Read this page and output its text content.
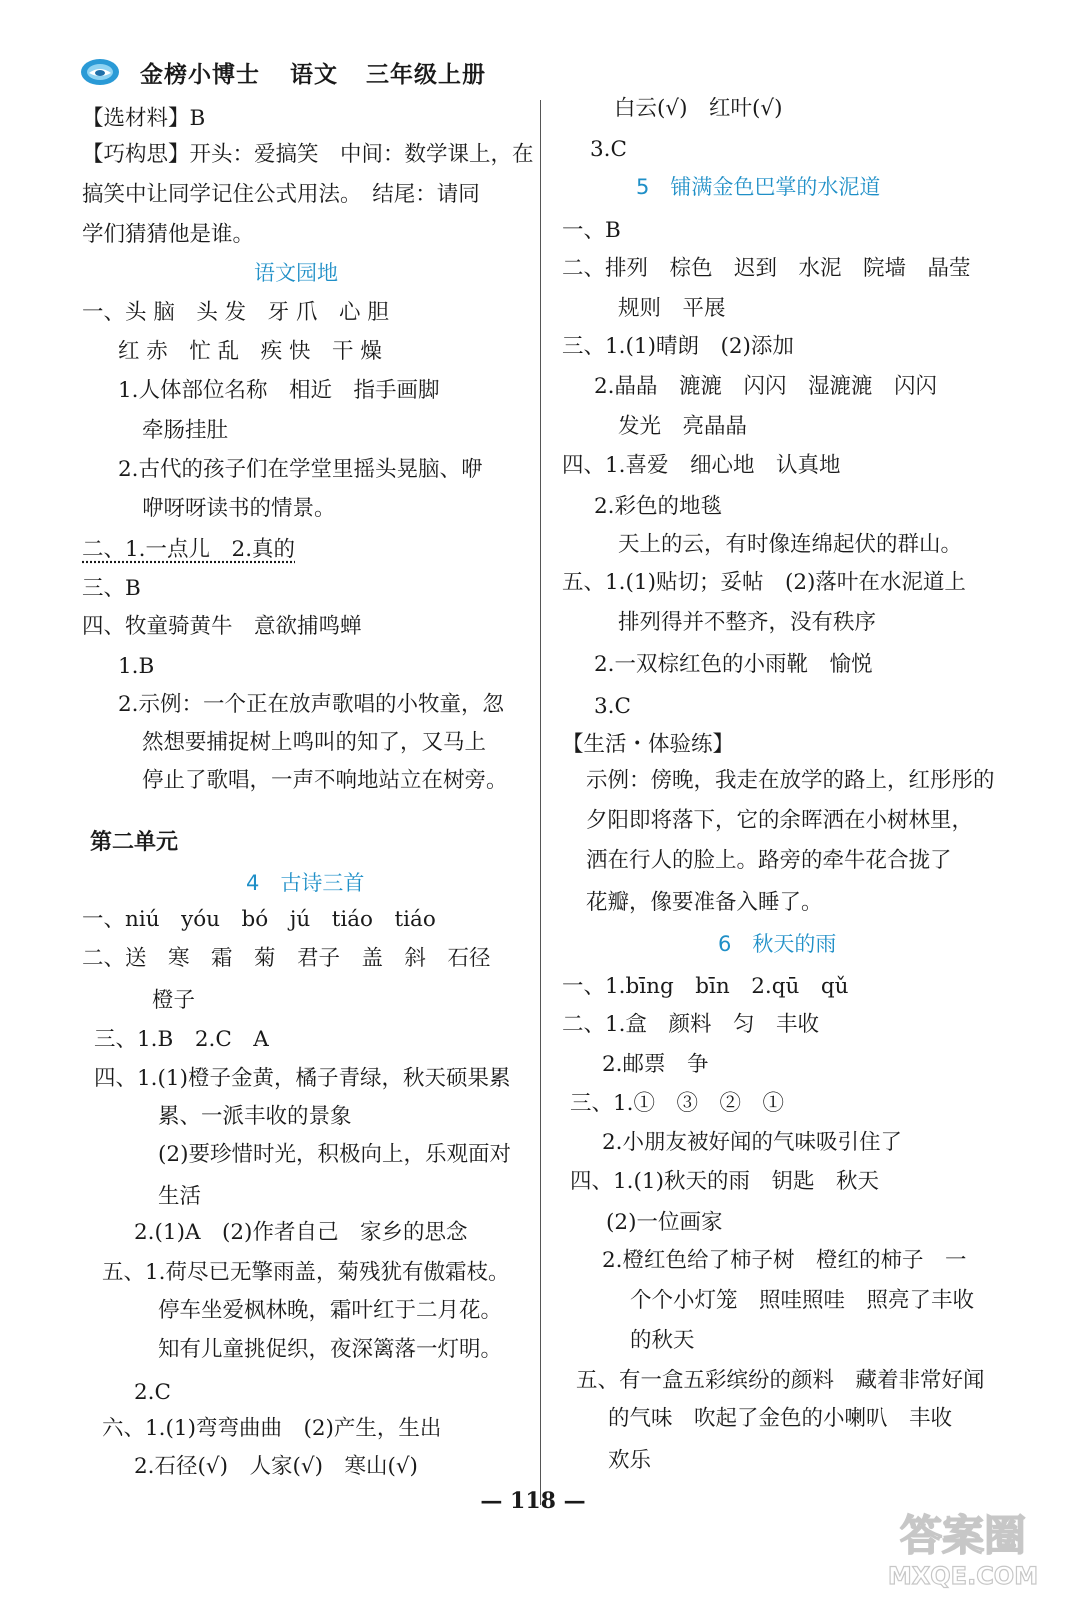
金榜小博士 语文 三年级上册
【选材料】B
【巧构思】开头：爱搞笑　中间：数学课上，在
搞笑中让同学记住公式用法。　结尾：请同
学们猜猜他是谁。
语文园地
一、头 脑　头 发　牙 爪　心 胆
红 赤　忙 乱　疾 快　干 燥
1.人体部位名称　相近　指手画脚
牵肠挂肚
2.古代的孩子们在学堂里摇头晃脑、咿
咿呀呀读书的情景。
二、1.一点儿　2.真的
三、B
四、牧童骑黄牛　意欲捕鸣蝉
1.B
2.示例：一个正在放声歌唱的小牧童，忽
然想要捕捉树上鸣叫的知了，又马上
停止了歌唱，一声不响地站立在树旁。
第二单元
4　古诗三首
一、niú　yóu　bó　jú　tiáo　tiáo
二、送　寒　霜　菊　君子　盖　斜　石径
橙子
三、1.B　2.C　A
四、1.(1)橙子金黄，橘子青绿，秋天硕果累
累、一派丰收的景象
(2)要珍惜时光，积极向上，乐观面对
生活
2.(1)A　(2)作者自己　家乡的思念
五、1.荷尽已无擎雨盖，菊残犹有傲霜枝。
停车坐爱枫林晚，霜叶红于二月花。
知有儿童挑促织，夜深篱落一灯明。
2.C
六、1.(1)弯弯曲曲　(2)产生，生出
2.石径(√)　人家(√)　寒山(√)
白云(√)　红叶(√)
3.C
5　铺满金色巴掌的水泥道
一、B
二、排列　棕色　迟到　水泥　院墙　晶莹
规则　平展
三、1.(1)晴朗　(2)添加
2.晶晶　漉漉　闪闪　湿漉漉　闪闪
发光　亮晶晶
四、1.喜爱　细心地　认真地
2.彩色的地毯
天上的云，有时像连绵起伏的群山。
五、1.(1)贴切；妥帖　(2)落叶在水泥道上
排列得并不整齐，没有秩序
2.一双棕红色的小雨靴　愉悦
3.C
【生活・体验练】
示例：傍晚，我走在放学的路上，红彤彤的
夕阳即将落下，它的余晖洒在小树林里，
洒在行人的脸上。路旁的牵牛花合拢了
花瓣，像要准备入睡了。
6　秋天的雨
一、1.bīng　bīn　2.qū　qǔ
二、1.盒　颜料　匀　丰收
2.邮票　争
三、1.①　③　②　①
2.小朋友被好闻的气味吸引住了
四、1.(1)秋天的雨　钥匙　秋天
(2)一位画家
2.橙红色给了柿子树　橙红的柿子　一
个个小灯笼　照哇照哇　照亮了丰收
的秋天
五、有一盒五彩缤纷的颜料　藏着非常好闻
的气味　吹起了金色的小喇叭　丰收
欢乐
— 118 —
答案圈
MXQE.COM
